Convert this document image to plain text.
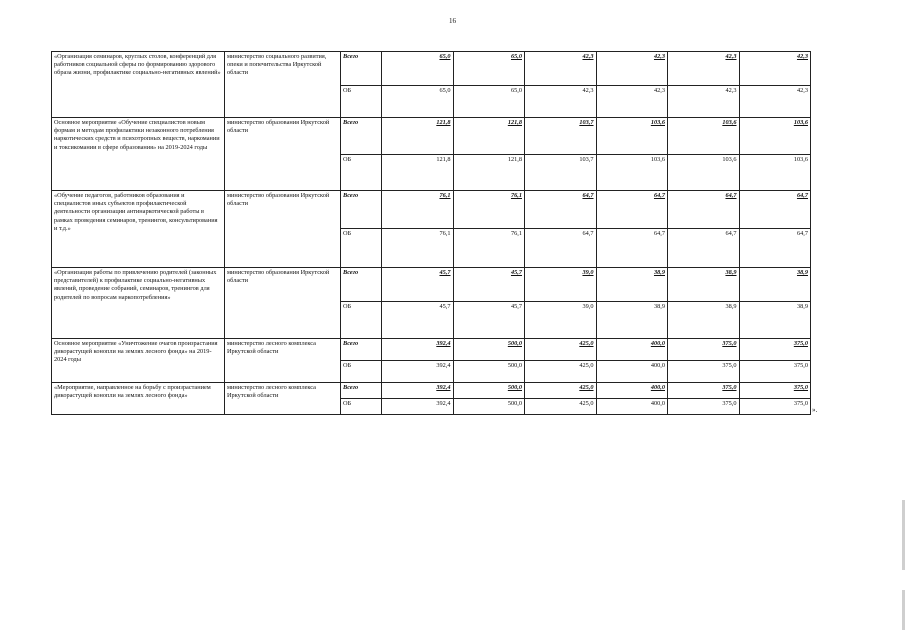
16
«Организация семинаров, круглых столов, конференций для работников социальной сферы по формированию здорового образа жизни, профилактике социально-негативных явлений»	министерство социального развития, опеки и попечительства Иркутской области	Всего	65,0	65,0	42,3	42,3	42,3	42,3
		ОБ	65,0	65,0	42,3	42,3	42,3	42,3
Основное мероприятие «Обучение специалистов новым формам и методам профилактики незаконного потребления наркотических средств и психотропных веществ, наркомании и токсикомании в сфере образования» на 2019-2024 годы	министерство образования Иркутской области	Всего	121,8	121,8	103,7	103,6	103,6	103,6
		ОБ	121,8	121,8	103,7	103,6	103,6	103,6
«Обучение педагогов, работников образования и специалистов иных субъектов профилактической деятельности организации антинаркотической работы в рамках проведения семинаров, тренингов, консультирования и т.д.»	министерство образования Иркутской области	Всего	76,1	76,1	64,7	64,7	64,7	64,7
		ОБ	76,1	76,1	64,7	64,7	64,7	64,7
«Организация работы по привлечению родителей (законных представителей) к профилактике социально-негативных явлений, проведение собраний, семинаров, тренингов для родителей по вопросам наркопотребления»	министерство образования Иркутской области	Всего	45,7	45,7	39,0	38,9	38,9	38,9
		ОБ	45,7	45,7	39,0	38,9	38,9	38,9
Основное мероприятие «Уничтожение очагов произрастания дикорастущей конопли на землях лесного фонда» на 2019-2024 годы	министерство лесного комплекса Иркутской области	Всего	392,4	500,0	425,0	400,0	375,0	375,0
		ОБ	392,4	500,0	425,0	400,0	375,0	375,0
«Мероприятие, направленное на борьбу с произрастанием дикорастущей конопли на землях лесного фонда»	министерство лесного комплекса Иркутской области	Всего	392,4	500,0	425,0	400,0	375,0	375,0
		ОБ	392,4	500,0	425,0	400,0	375,0	375,0
».
